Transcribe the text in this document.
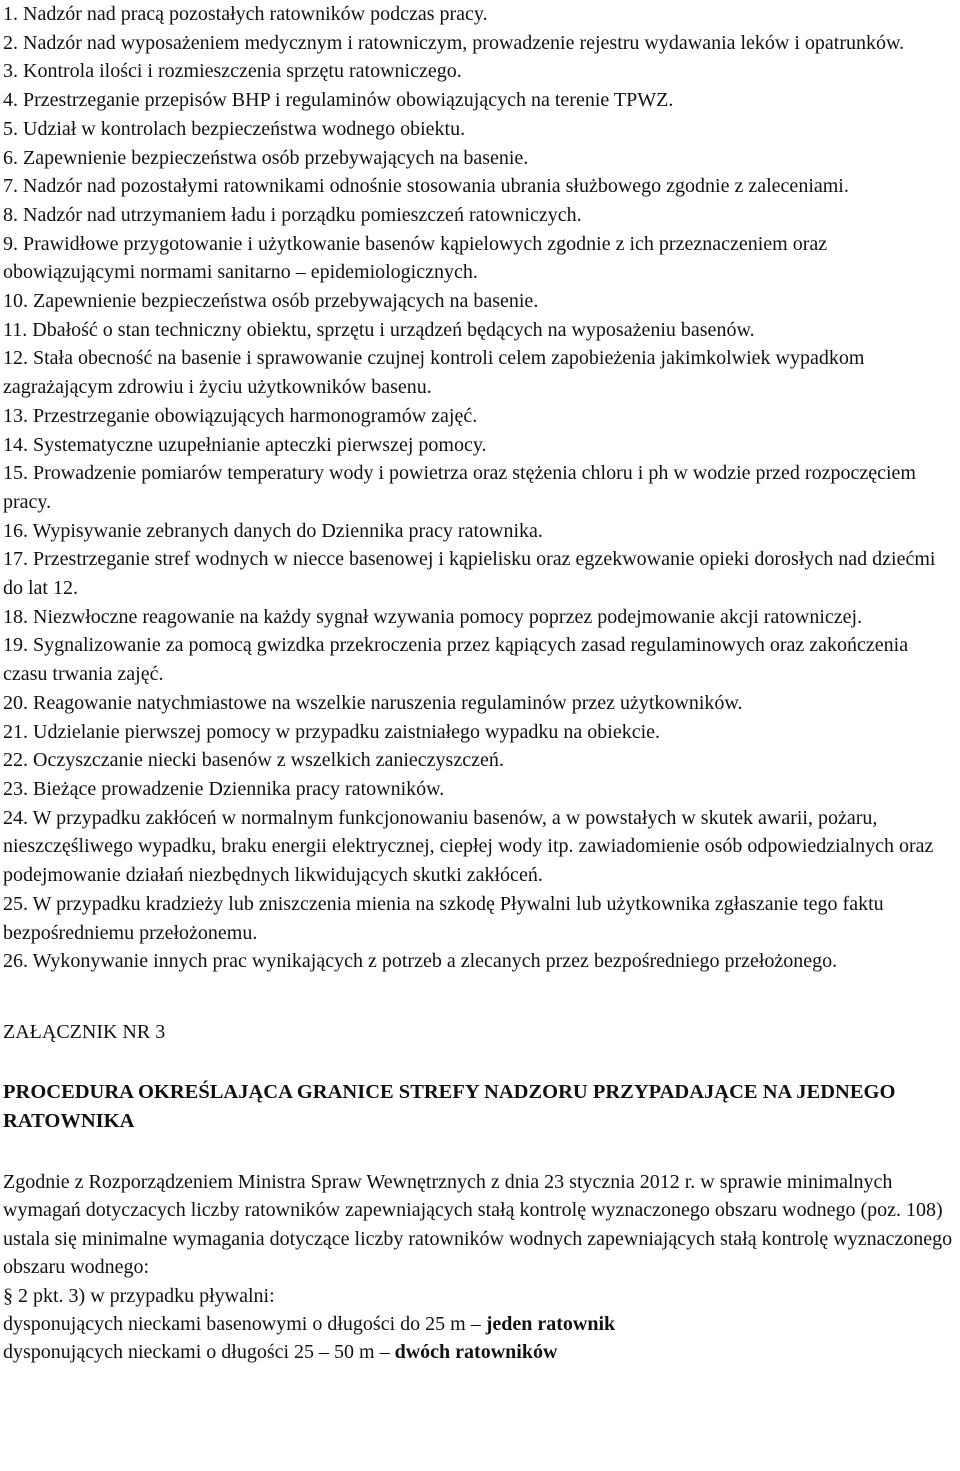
1. Nadzór nad pracą pozostałych ratowników podczas pracy.

2. Nadzór nad wyposażeniem medycznym i ratowniczym, prowadzenie rejestru wydawania leków i opatrunków.

3. Kontrola ilości i rozmieszczenia sprzętu ratowniczego.

4. Przestrzeganie przepisów BHP i regulaminów obowiązujących na terenie TPWZ.

5. Udział w kontrolach bezpieczeństwa wodnego obiektu.

6. Zapewnienie bezpieczeństwa osób przebywających na basenie.

7. Nadzór nad pozostałymi ratownikami odnośnie stosowania ubrania służbowego zgodnie z zaleceniami.

8. Nadzór nad utrzymaniem ładu i porządku pomieszczeń ratowniczych.

9. Prawidłowe przygotowanie i użytkowanie basenów kąpielowych zgodnie z ich przeznaczeniem oraz obowiązującymi normami sanitarno – epidemiologicznych.

10. Zapewnienie bezpieczeństwa osób przebywających na basenie.

11. Dbałość o stan techniczny obiektu, sprzętu i urządzeń będących na wyposażeniu basenów.

12. Stała obecność na basenie i sprawowanie czujnej kontroli celem zapobieżenia jakimkolwiek wypadkom zagrażającym zdrowiu i życiu użytkowników basenu.

13. Przestrzeganie obowiązujących harmonogramów zajęć.

14. Systematyczne uzupełnianie apteczki pierwszej pomocy.

15. Prowadzenie pomiarów temperatury wody i powietrza oraz stężenia chloru i ph w wodzie przed rozpoczęciem pracy.

16. Wypisywanie zebranych danych do Dziennika pracy ratownika.

17. Przestrzeganie stref wodnych w niecce basenowej i kąpielisku oraz egzekwowanie opieki dorosłych nad dziećmi do lat 12.

18. Niezwłoczne reagowanie na każdy sygnał wzywania pomocy poprzez podejmowanie akcji ratowniczej.

19. Sygnalizowanie za pomocą gwizdka przekroczenia przez kąpiących zasad regulaminowych oraz zakończenia czasu trwania zajęć.

20. Reagowanie natychmiastowe na wszelkie naruszenia regulaminów przez użytkowników.

21. Udzielanie pierwszej pomocy w przypadku zaistniałego wypadku na obiekcie.

22. Oczyszczanie niecki basenów z wszelkich zanieczyszczeń.

23. Bieżące prowadzenie Dziennika pracy ratowników.

24. W przypadku zakłóceń w normalnym funkcjonowaniu basenów, a w powstałych w skutek awarii, pożaru, nieszczęśliwego wypadku, braku energii elektrycznej, ciepłej wody itp. zawiadomienie osób odpowiedzialnych oraz podejmowanie działań niezbędnych likwidujących skutki zakłóceń.

25. W przypadku kradzieży lub zniszczenia mienia na szkodę Pływalni lub użytkownika zgłaszanie tego faktu bezpośredniemu przełożonemu.

26. Wykonywanie innych prac wynikających z potrzeb a zlecanych przez bezpośredniego przełożonego.

ZAŁĄCZNIK NR 3

PROCEDURA OKREŚLAJĄCA GRANICE STREFY NADZORU PRZYPADAJĄCE NA JEDNEGO RATOWNIKA

Zgodnie z Rozporządzeniem Ministra Spraw Wewnętrznych z dnia 23 stycznia 2012 r. w sprawie minimalnych wymagań dotyczacych liczby ratowników zapewniających stałą kontrolę wyznaczonego obszaru wodnego (poz. 108) ustala się minimalne wymagania dotyczące liczby ratowników wodnych zapewniających stałą kontrolę wyznaczonego obszaru wodnego:

§ 2 pkt. 3) w przypadku pływalni:

dysponujących nieckami basenowymi o długości do 25 m – jeden ratownik

dysponujących nieckami o długości 25 – 50 m – dwóch ratowników
